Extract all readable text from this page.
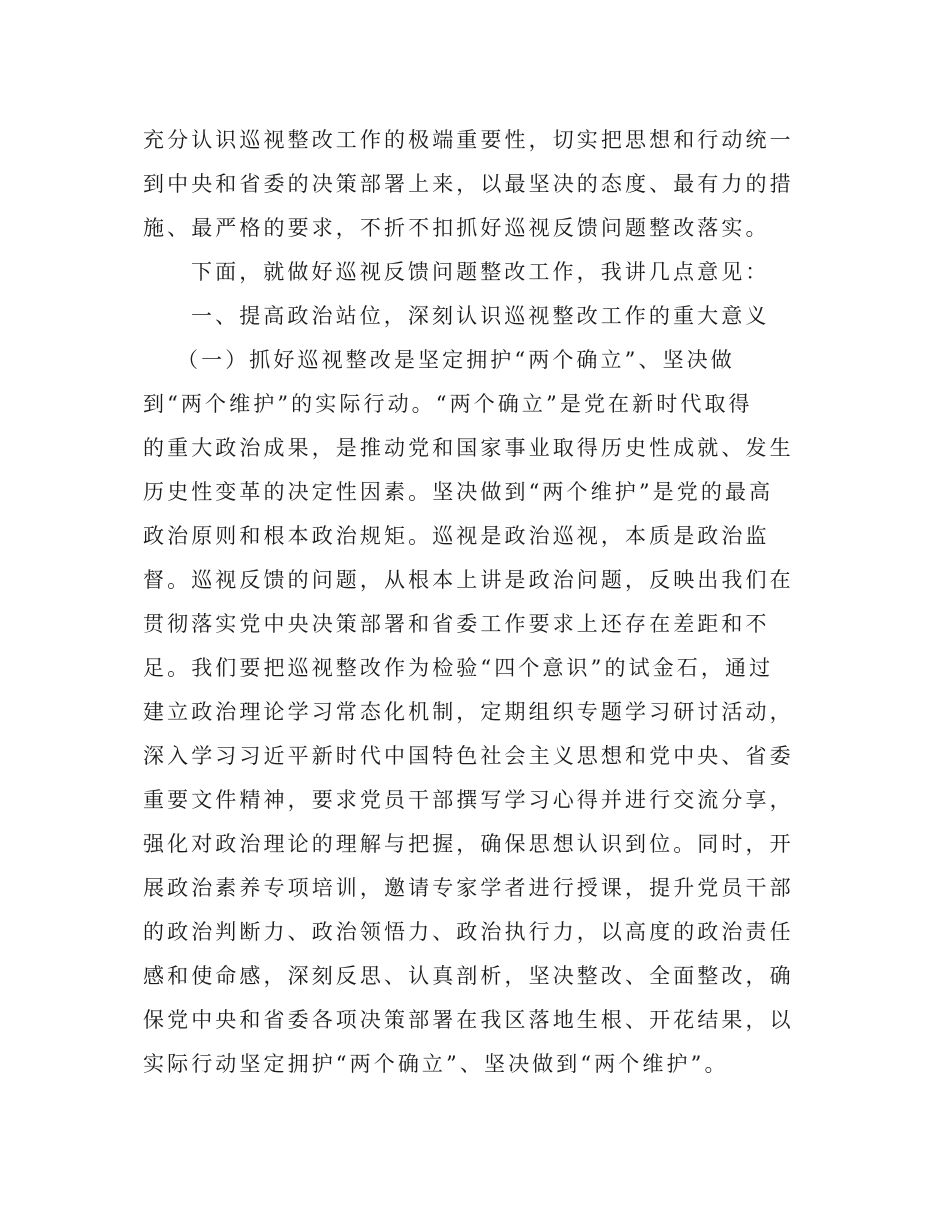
充分认识巡视整改工作的极端重要性，切实把思想和行动统一
到中央和省委的决策部署上来，以最坚决的态度、最有力的措
施、最严格的要求，不折不扣抓好巡视反馈问题整改落实。

下面，就做好巡视反馈问题整改工作，我讲几点意见：

一、提高政治站位，深刻认识巡视整改工作的重大意义

（一）抓好巡视整改是坚定拥护“两个确立”、坚决做
到“两个维护”的实际行动。“两个确立”是党在新时代取得
的重大政治成果，是推动党和国家事业取得历史性成就、发生
历史性变革的决定性因素。坚决做到“两个维护”是党的最高
政治原则和根本政治规矩。巡视是政治巡视，本质是政治监
督。巡视反馈的问题，从根本上讲是政治问题，反映出我们在
贯彻落实党中央决策部署和省委工作要求上还存在差距和不
足。我们要把巡视整改作为检验“四个意识”的试金石，通过
建立政治理论学习常态化机制，定期组织专题学习研讨活动，
深入学习习近平新时代中国特色社会主义思想和党中央、省委
重要文件精神，要求党员干部撰写学习心得并进行交流分享，
强化对政治理论的理解与把握，确保思想认识到位。同时，开
展政治素养专项培训，邀请专家学者进行授课，提升党员干部
的政治判断力、政治领悟力、政治执行力，以高度的政治责任
感和使命感，深刻反思、认真剖析，坚决整改、全面整改，确
保党中央和省委各项决策部署在我区落地生根、开花结果，以
实际行动坚定拥护“两个确立”、坚决做到“两个维护”。
